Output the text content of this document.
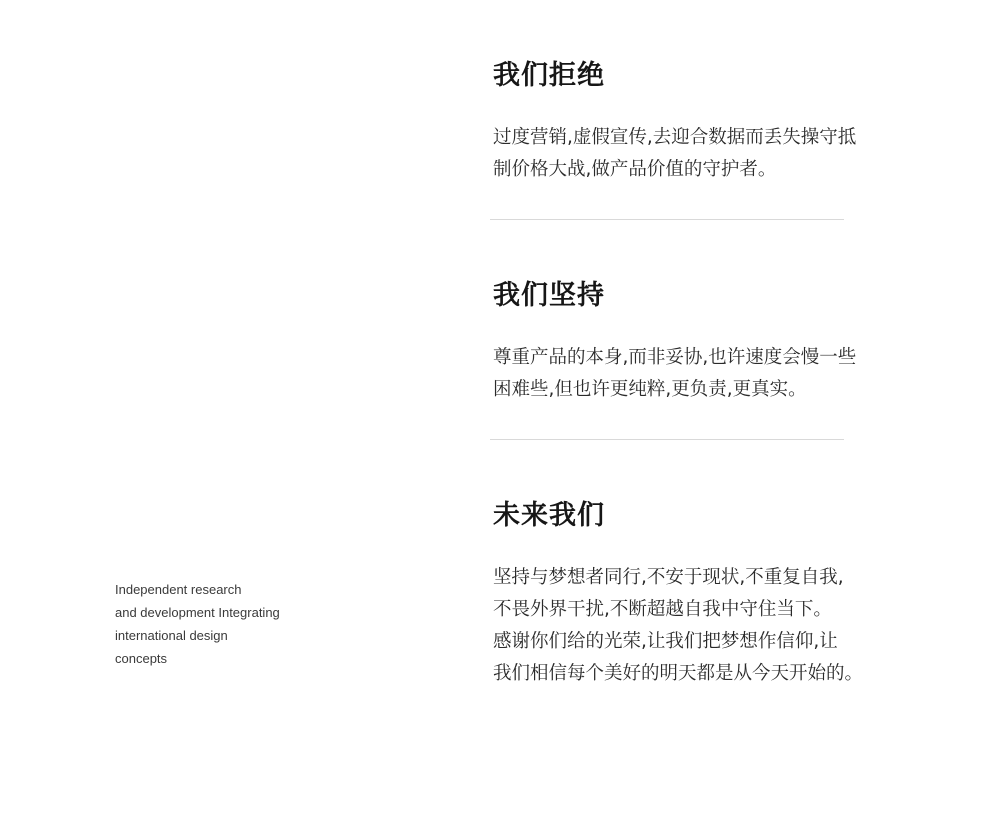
Independent research
and development Integrating
international design
concepts
我们拒绝
过度营销,虚假宣传,去迎合数据而丢失操守抵
制价格大战,做产品价值的守护者。
我们坚持
尊重产品的本身,而非妥协,也许速度会慢一些
困难些,但也许更纯粹,更负责,更真实。
未来我们
坚持与梦想者同行,不安于现状,不重复自我,
不畏外界干扰,不断超越自我中守住当下。
感谢你们给的光荣,让我们把梦想作信仰,让
我们相信每个美好的明天都是从今天开始的。
